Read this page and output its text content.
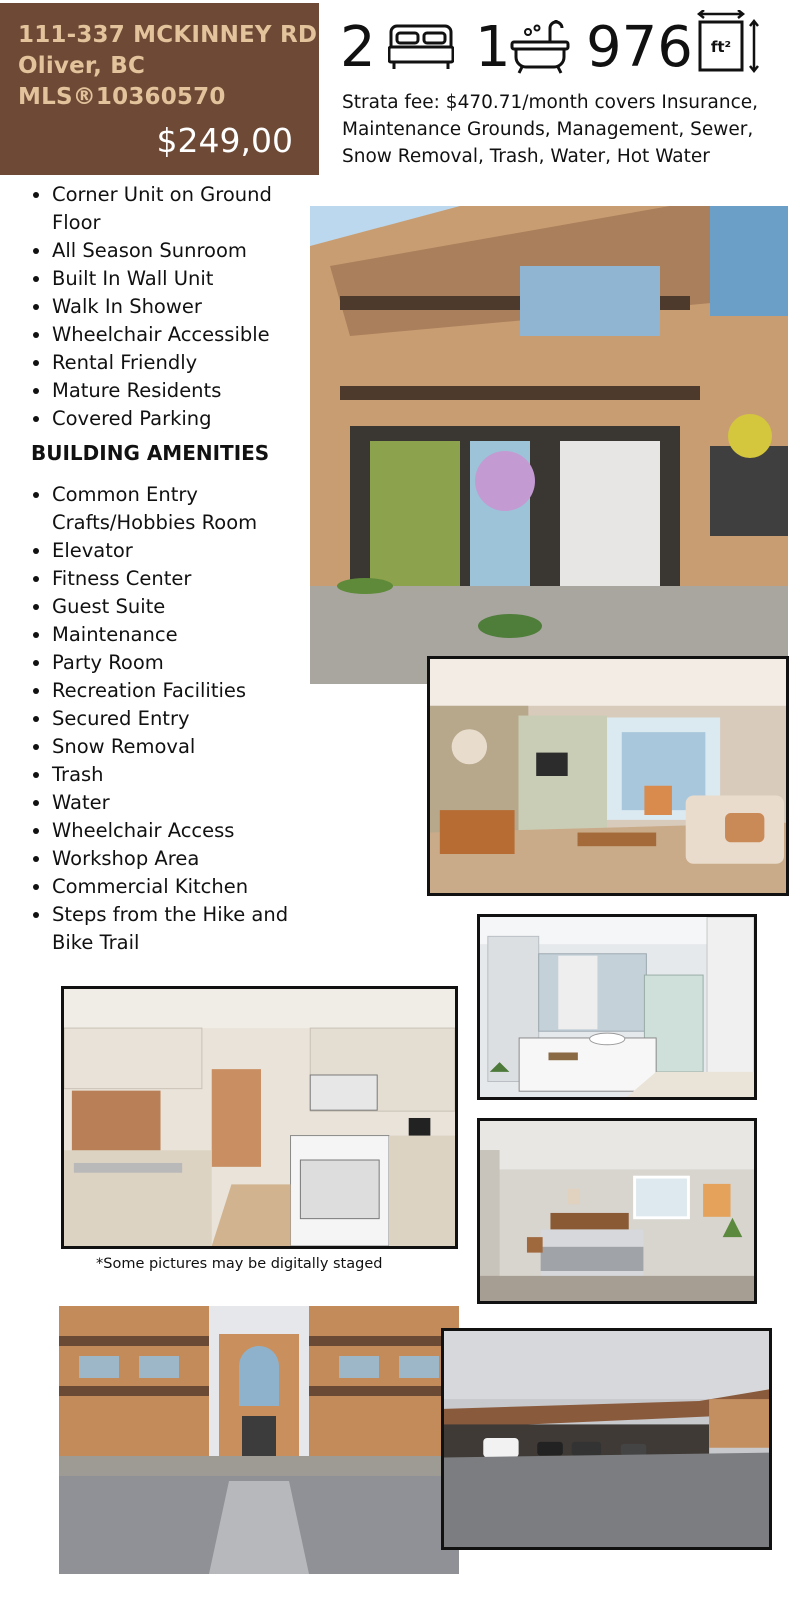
111-337 MCKINNEY RD
Oliver, BC
MLS®10360570
$249,00
2 1 976 ft²
Strata fee: $470.71/month covers Insurance, Maintenance Grounds, Management, Sewer, Snow Removal, Trash, Water, Hot Water
• Corner Unit on Ground Floor
• All Season Sunroom
• Built In Wall Unit
• Walk In Shower
• Wheelchair Accessible
• Rental Friendly
• Mature Residents
• Covered Parking
BUILDING AMENITIES
• Common Entry Crafts/Hobbies Room
• Elevator
• Fitness Center
• Guest Suite
• Maintenance
• Party Room
• Recreation Facilities
• Secured Entry
• Snow Removal
• Trash
• Water
• Wheelchair Access
• Workshop Area
• Commercial Kitchen
• Steps from the Hike and Bike Trail
*Some pictures may be digitally staged
